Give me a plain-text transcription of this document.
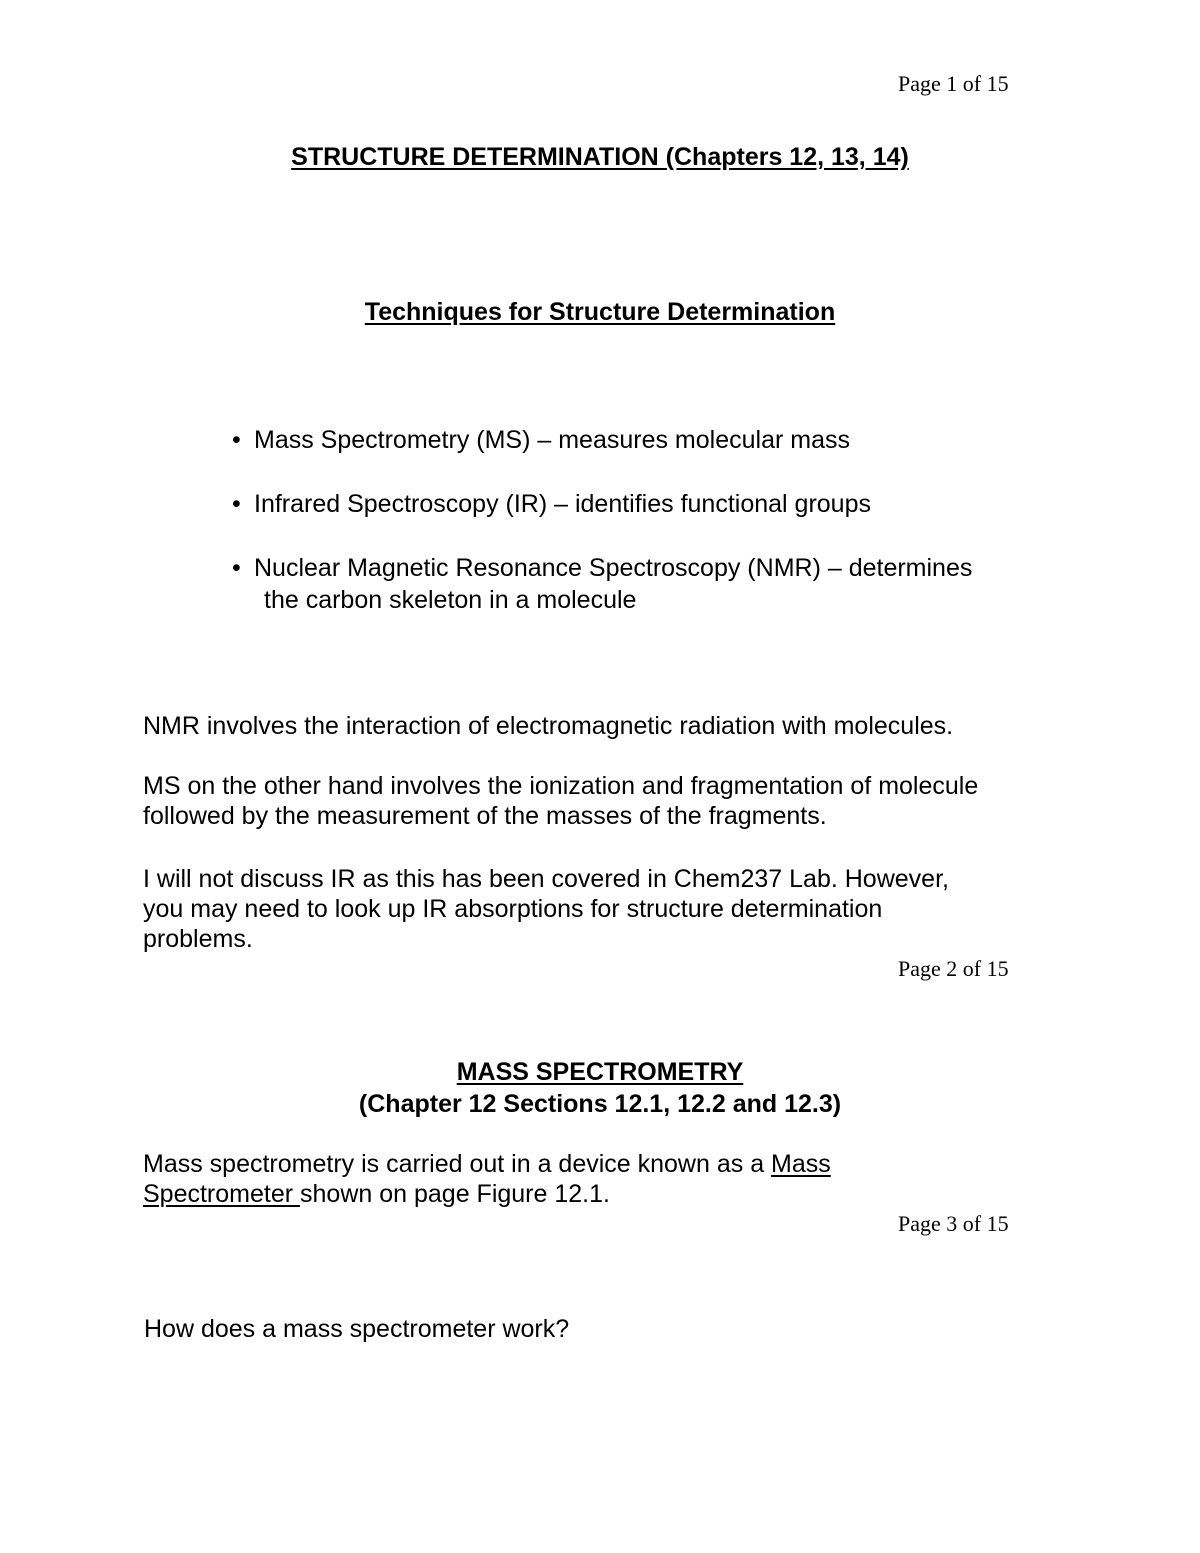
Page 1 of 15
STRUCTURE DETERMINATION (Chapters 12, 13, 14)
Techniques for Structure Determination
• Mass Spectrometry (MS) – measures molecular mass
• Infrared Spectroscopy (IR) – identifies functional groups
• Nuclear Magnetic Resonance Spectroscopy (NMR) – determines
the carbon skeleton in a molecule
NMR involves the interaction of electromagnetic radiation with molecules.
MS on the other hand involves the ionization and fragmentation of molecule
followed by the measurement of the masses of the fragments.
I will not discuss IR as this has been covered in Chem237 Lab. However,
you may need to look up IR absorptions for structure determination
problems.
Page 2 of 15
MASS SPECTROMETRY
(Chapter 12 Sections 12.1, 12.2 and 12.3)
Mass spectrometry is carried out in a device known as a Mass
Spectrometer shown on page Figure 12.1.
Page 3 of 15
How does a mass spectrometer work?
